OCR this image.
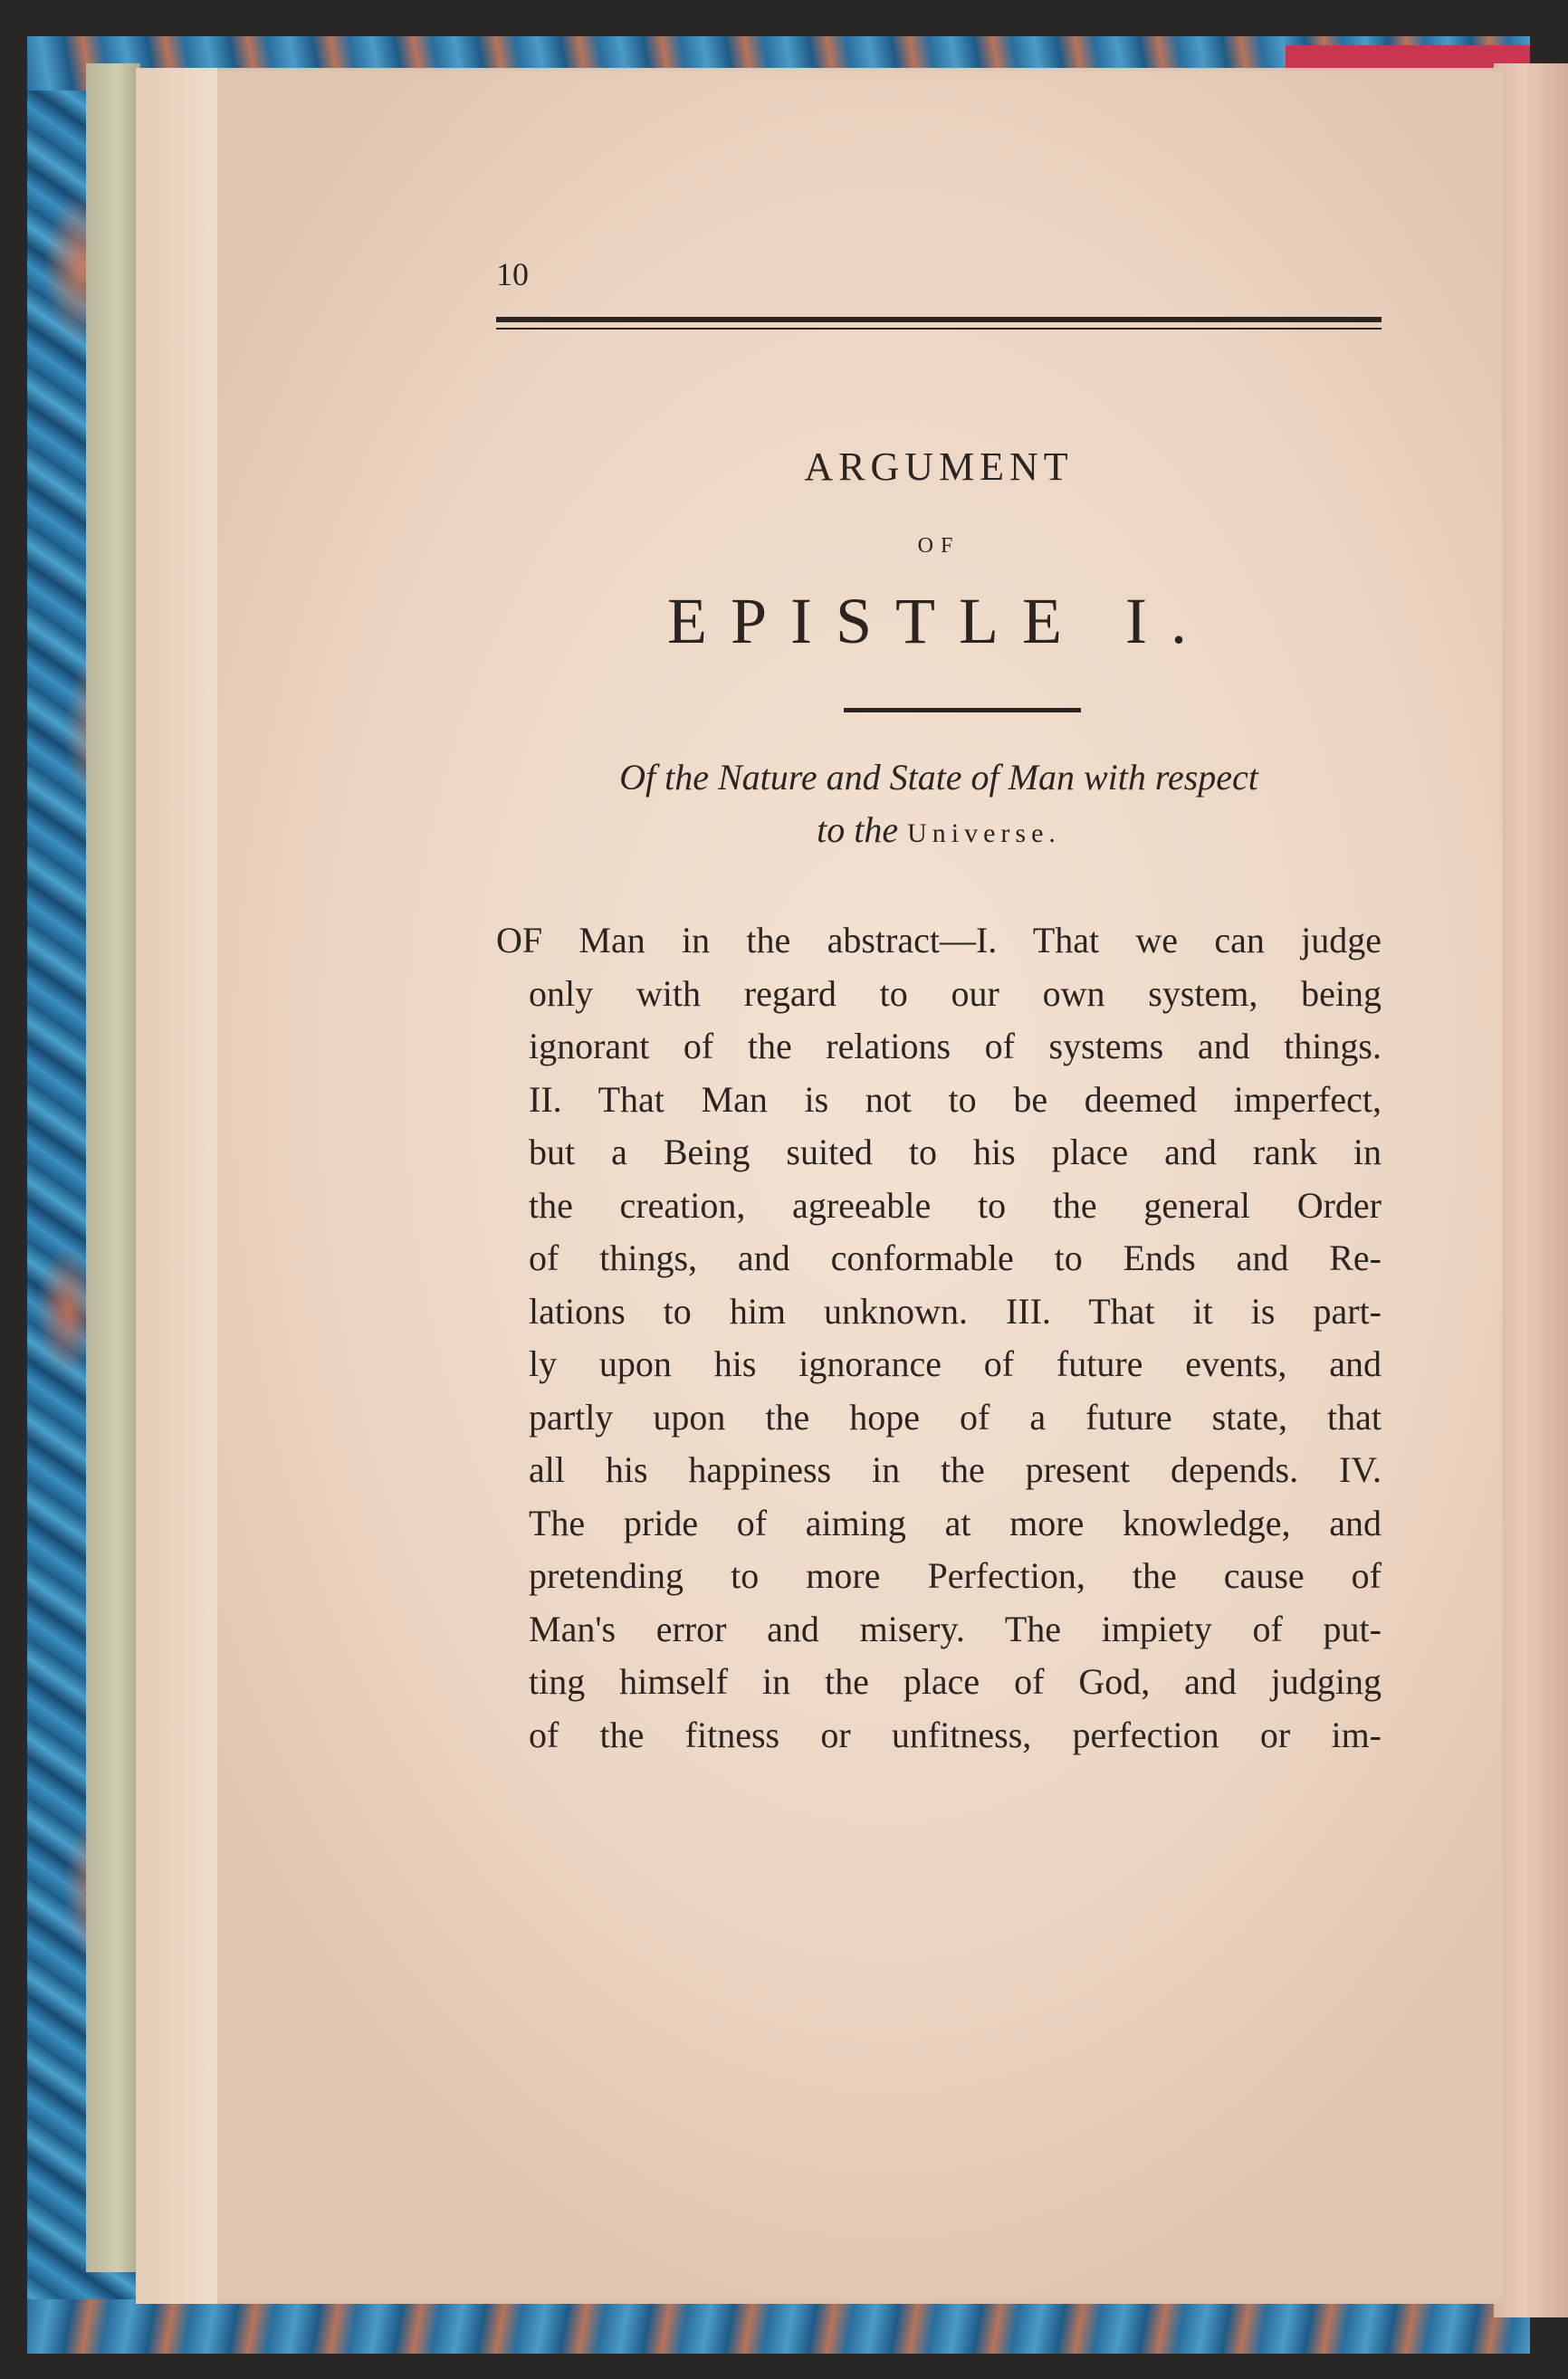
10
ARGUMENT
OF
EPISTLE I.
Of the Nature and State of Man with respect
to the Universe.
OF Man in the abstract—I. That we can judge
only with regard to our own system, being
ignorant of the relations of systems and things.
II. That Man is not to be deemed imperfect,
but a Being suited to his place and rank in
the creation, agreeable to the general Order
of things, and conformable to Ends and Re-
lations to him unknown. III. That it is part-
ly upon his ignorance of future events, and
partly upon the hope of a future state, that
all his happiness in the present depends. IV.
The pride of aiming at more knowledge, and
pretending to more Perfection, the cause of
Man's error and misery. The impiety of put-
ting himself in the place of God, and judging
of the fitness or unfitness, perfection or im-
